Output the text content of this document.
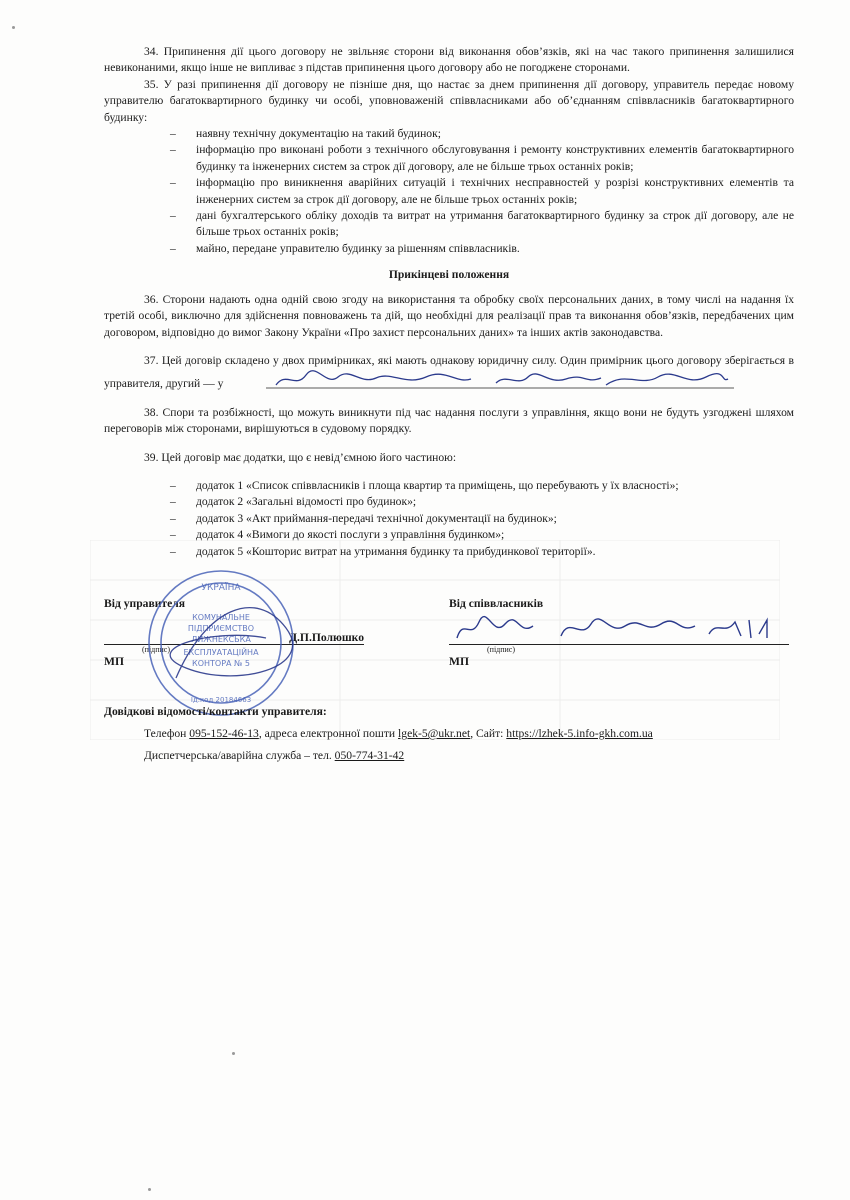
34. Припинення дії цього договору не звільняє сторони від виконання обов’язків, які на час такого припинення залишилися невиконаними, якщо інше не випливає з підстав припинення цього договору або не погоджене сторонами.

35. У разі припинення дії договору не пізніше дня, що настає за днем припинення дії договору, управитель передає новому управителю багатоквартирного будинку чи особі, уповноваженій співвласниками або об’єднанням співвласників багатоквартирного будинку:

– наявну технічну документацію на такий будинок;
– інформацію про виконані роботи з технічного обслуговування і ремонту конструктивних елементів багатоквартирного будинку та інженерних систем за строк дії договору, але не більше трьох останніх років;
– інформацію про виникнення аварійних ситуацій і технічних несправностей у розрізі конструктивних елементів та інженерних систем за строк дії договору, але не більше трьох останніх років;
– дані бухгалтерського обліку доходів та витрат на утримання багатоквартирного будинку за строк дії договору, але не більше трьох останніх років;
– майно, передане управителю будинку за рішенням співвласників.
Прикінцеві положення

36. Сторони надають одна одній свою згоду на використання та обробку своїх персональних даних, в тому числі на надання їх третій особі, виключно для здійснення повноважень та дій, що необхідні для реалізації прав та виконання обов’язків, передбачених цим договором, відповідно до вимог Закону України «Про захист персональних даних» та інших актів законодавства.

37. Цей договір складено у двох примірниках, які мають однакову юридичну силу. Один примірник цього договору зберігається в управителя, другий — у

38. Спори та розбіжності, що можуть виникнути під час надання послуги з управління, якщо вони не будуть узгоджені шляхом переговорів між сторонами, вирішуються в судовому порядку.

39. Цей договір має додатки, що є невід’ємною його частиною:

– додаток 1 «Список співвласників і площа квартир та приміщень, що перебувають у їх власності»;
– додаток 2 «Загальні відомості про будинок»;
– додаток 3 «Акт приймання-передачі технічної документації на будинок»;
– додаток 4 «Вимоги до якості послуги з управління будинком»;
– додаток 5 «Кошторис витрат на утримання будинку та прибудинкової території».
Від управителя
Д.П.Полюшко
(підпис)
МП
Від співвласників
(підпис)
МП
УКРАЇНА
КОМУНАЛЬНЕ
ПІДПРИЄМСТВО
ЛИЖНЕКСЬКА
ЕКСПЛУАТАЦІЙНА
КОНТОРА № 5
Ід.код 20184663
Довідкові відомості/контакти управителя:
Телефон 095-152-46-13, адреса електронної пошти lgek-5@ukr.net, Сайт: https://lzhek-5.info-gkh.com.ua
Диспетчерська/аварійна служба – тел. 050-774-31-42
